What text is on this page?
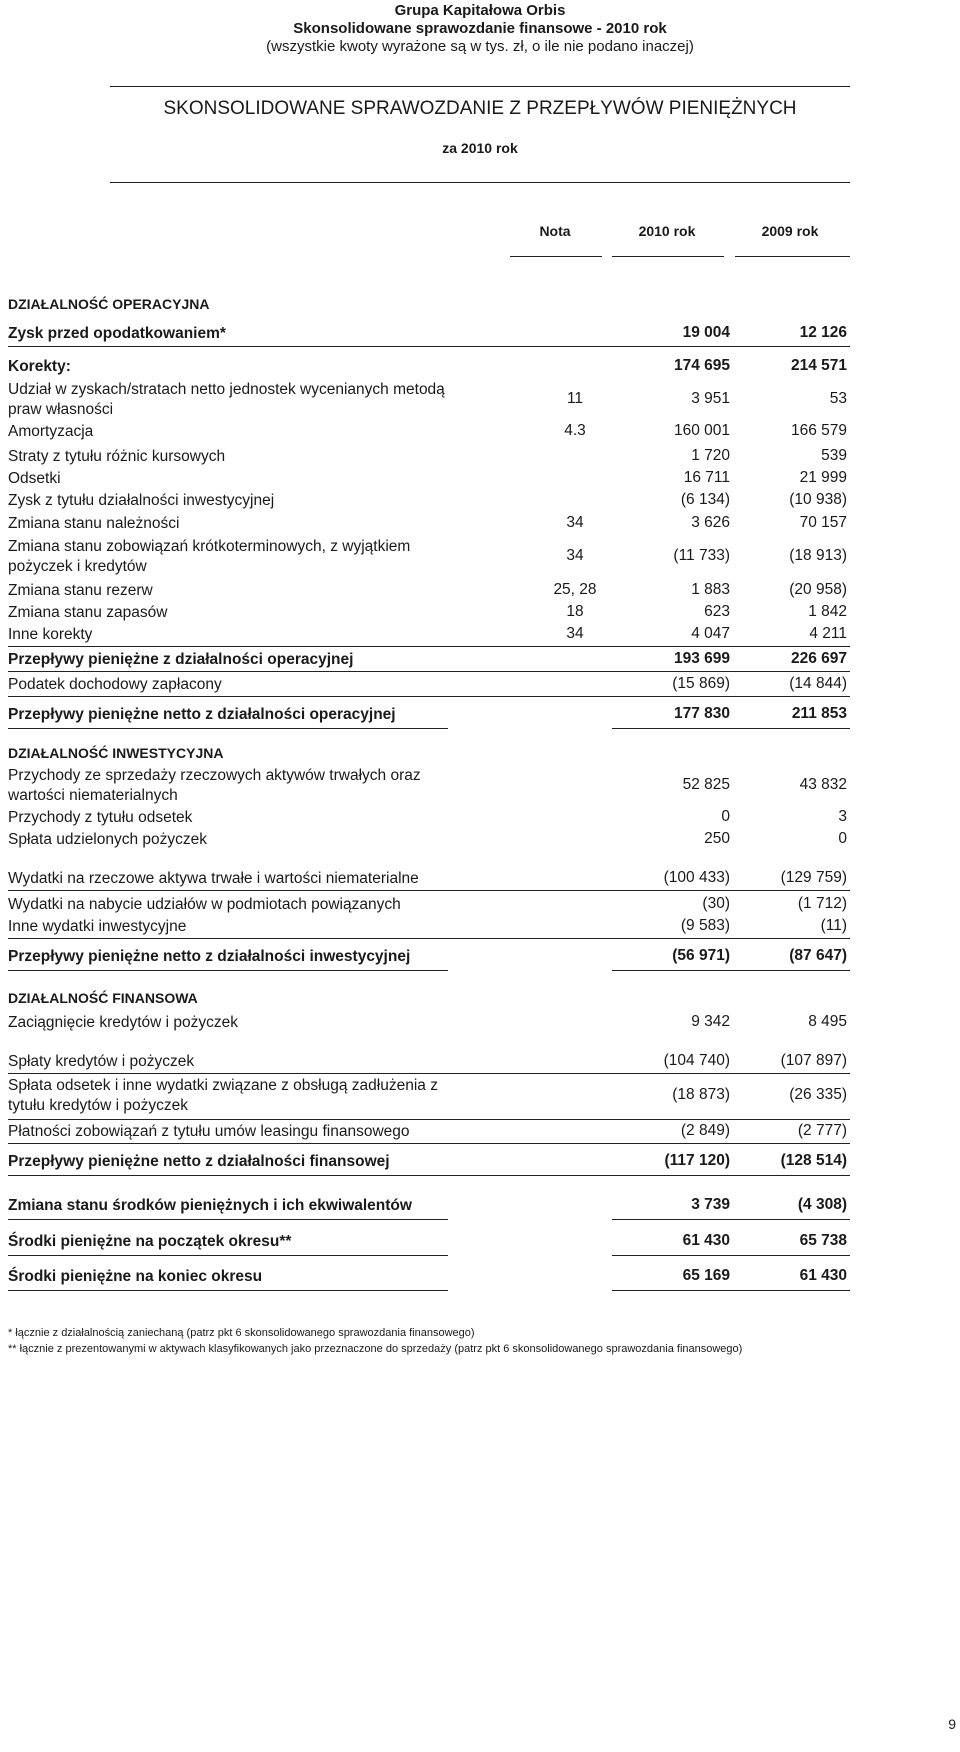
Grupa Kapitałowa Orbis
Skonsolidowane sprawozdanie finansowe - 2010 rok
(wszystkie kwoty wyrażone są w tys. zł, o ile nie podano inaczej)
SKONSOLIDOWANE SPRAWOZDANIE Z PRZEPŁYWÓW PIENIĘŻNYCH
za 2010 rok
Nota	2010 rok	2009 rok
DZIAŁALNOŚĆ OPERACYJNA
Zysk przed opodatkowaniem*	19 004	12 126
Korekty:	174 695	214 571
Udział w zyskach/stratach netto jednostek wycenianych metodą praw własności
11	3 951	53
Amortyzacja	4.3	160 001	166 579
Straty z tytułu różnic kursowych	1 720	539
Odsetki	16 711	21 999
Zysk z tytułu działalności inwestycyjnej	(6 134)	(10 938)
Zmiana stanu należności	34	3 626	70 157
Zmiana stanu zobowiązań krótkoterminowych, z wyjątkiem pożyczek i kredytów
34	(11 733)	(18 913)
Zmiana stanu rezerw	25, 28	1 883	(20 958)
Zmiana stanu zapasów	18	623	1 842
Inne korekty	34	4 047	4 211
Przepływy pieniężne z działalności operacyjnej	193 699	226 697
Podatek dochodowy zapłacony	(15 869)	(14 844)
Przepływy pieniężne netto z działalności operacyjnej	177 830	211 853
DZIAŁALNOŚĆ INWESTYCYJNA
Przychody ze sprzedaży rzeczowych aktywów trwałych oraz wartości niematerialnych
52 825	43 832
Przychody z tytułu odsetek	0	3
Spłata udzielonych pożyczek	250	0
Wydatki na rzeczowe aktywa trwałe i wartości niematerialne	(100 433)	(129 759)
Wydatki na nabycie udziałów w podmiotach powiązanych	(30)	(1 712)
Inne wydatki inwestycyjne	(9 583)	(11)
Przepływy pieniężne netto z działalności inwestycyjnej	(56 971)	(87 647)
DZIAŁALNOŚĆ FINANSOWA
Zaciągnięcie kredytów i pożyczek	9 342	8 495
Spłaty kredytów i pożyczek	(104 740)	(107 897)
Spłata odsetek i inne wydatki związane z obsługą zadłużenia z tytułu kredytów i pożyczek
(18 873)	(26 335)
Płatności zobowiązań z tytułu umów leasingu finansowego	(2 849)	(2 777)
Przepływy pieniężne netto z działalności finansowej	(117 120)	(128 514)
Zmiana stanu środków pieniężnych i ich ekwiwalentów	3 739	(4 308)
Środki pieniężne na początek okresu**	61 430	65 738
Środki pieniężne na koniec okresu	65 169	61 430
* łącznie z działalnością zaniechaną (patrz pkt 6 skonsolidowanego sprawozdania finansowego)
** łącznie z prezentowanymi w aktywach klasyfikowanych jako przeznaczone do sprzedaży (patrz pkt 6 skonsolidowanego sprawozdania finansowego)
9
